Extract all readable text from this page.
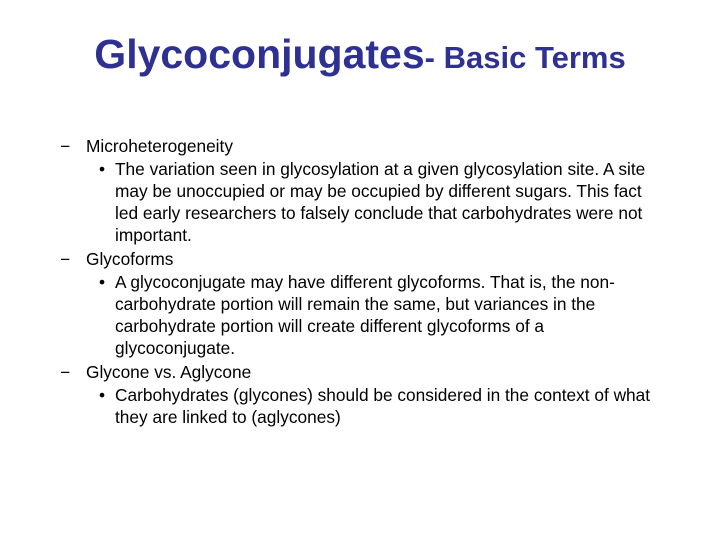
Glycoconjugates- Basic Terms
− Microheterogeneity
• The variation seen in glycosylation at a given glycosylation site. A site may be unoccupied or may be occupied by different sugars. This fact led early researchers to falsely conclude that carbohydrates were not important.
− Glycoforms
• A glycoconjugate may have different glycoforms. That is, the non-carbohydrate portion will remain the same, but variances in the carbohydrate portion will create different glycoforms of a glycoconjugate.
− Glycone vs. Aglycone
• Carbohydrates (glycones) should be considered in the context of what they are linked to (aglycones)
